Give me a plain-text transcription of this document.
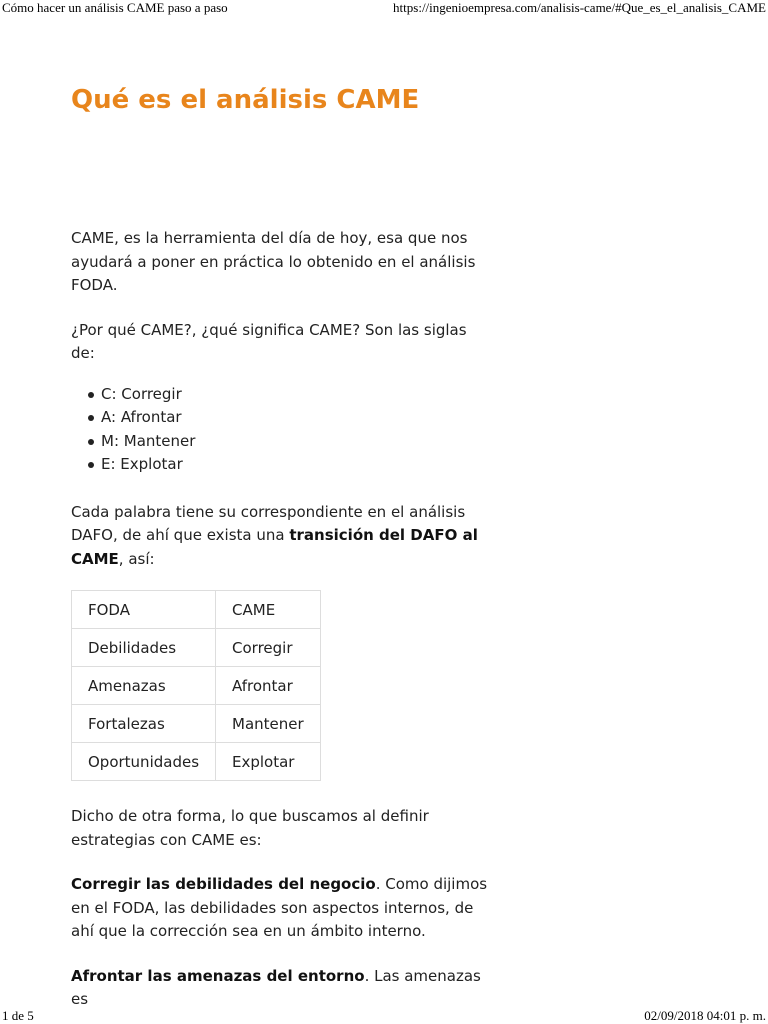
Cómo hacer un análisis CAME paso a paso	https://ingenioempresa.com/analisis-came/#Que_es_el_analisis_CAME
Qué es el análisis CAME

CAME, es la herramienta del día de hoy, esa que nos ayudará a poner en práctica lo obtenido en el análisis FODA.

¿Por qué CAME?, ¿qué significa CAME? Son las siglas de:

C: Corregir
A: Afrontar
M: Mantener
E: Explotar

Cada palabra tiene su correspondiente en el análisis DAFO, de ahí que exista una transición del DAFO al CAME, así:

FODA	CAME
Debilidades	Corregir
Amenazas	Afrontar
Fortalezas	Mantener
Oportunidades	Explotar

Dicho de otra forma, lo que buscamos al definir estrategias con CAME es:

Corregir las debilidades del negocio. Como dijimos en el FODA, las debilidades son aspectos internos, de ahí que la corrección sea en un ámbito interno.

Afrontar las amenazas del entorno. Las amenazas es

1 de 5	02/09/2018 04:01 p. m.
